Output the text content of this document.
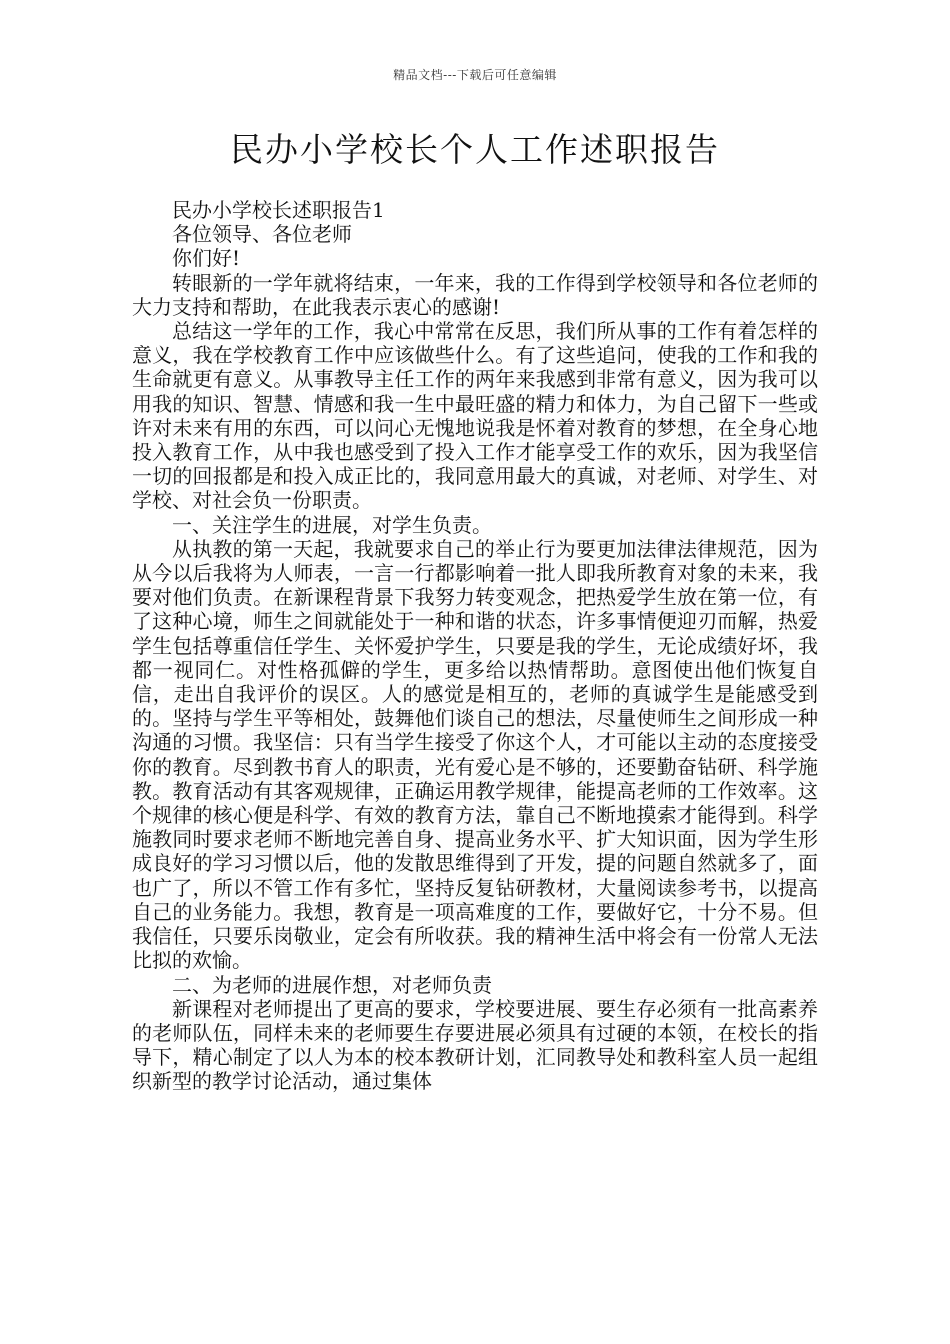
精品文档---下载后可任意编辑
民办小学校长个人工作述职报告

民办小学校长述职报告1

各位领导、各位老师

你们好!

转眼新的一学年就将结束，一年来，我的工作得到学校领导和各位老师的大力支持和帮助，在此我表示衷心的感谢!

总结这一学年的工作，我心中常常在反思，我们所从事的工作有着怎样的意义，我在学校教育工作中应该做些什么。有了这些追问，使我的工作和我的生命就更有意义。从事教导主任工作的两年来我感到非常有意义，因为我可以用我的知识、智慧、情感和我一生中最旺盛的精力和体力，为自己留下一些或许对未来有用的东西，可以问心无愧地说我是怀着对教育的梦想，在全身心地投入教育工作，从中我也感受到了投入工作才能享受工作的欢乐，因为我坚信一切的回报都是和投入成正比的，我同意用最大的真诚，对老师、对学生、对学校、对社会负一份职责。

一、关注学生的进展，对学生负责。

从执教的第一天起，我就要求自己的举止行为要更加法律法律规范，因为从今以后我将为人师表，一言一行都影响着一批人即我所教育对象的未来，我要对他们负责。在新课程背景下我努力转变观念，把热爱学生放在第一位，有了这种心境，师生之间就能处于一种和谐的状态，许多事情便迎刃而解，热爱学生包括尊重信任学生、关怀爱护学生，只要是我的学生，无论成绩好坏，我都一视同仁。对性格孤僻的学生，更多给以热情帮助。意图使出他们恢复自信，走出自我评价的误区。人的感觉是相互的，老师的真诚学生是能感受到的。坚持与学生平等相处，鼓舞他们谈自己的想法，尽量使师生之间形成一种沟通的习惯。我坚信：只有当学生接受了你这个人，才可能以主动的态度接受你的教育。尽到教书育人的职责，光有爱心是不够的，还要勤奋钻研、科学施教。教育活动有其客观规律，正确运用教学规律，能提高老师的工作效率。这个规律的核心便是科学、有效的教育方法，靠自己不断地摸索才能得到。科学施教同时要求老师不断地完善自身、提高业务水平、扩大知识面，因为学生形成良好的学习习惯以后，他的发散思维得到了开发，提的问题自然就多了，面也广了，所以不管工作有多忙，坚持反复钻研教材，大量阅读参考书，以提高自己的业务能力。我想，教育是一项高难度的工作，要做好它，十分不易。但我信任，只要乐岗敬业，定会有所收获。我的精神生活中将会有一份常人无法比拟的欢愉。

二、为老师的进展作想，对老师负责

新课程对老师提出了更高的要求，学校要进展、要生存必须有一批高素养的老师队伍，同样未来的老师要生存要进展必须具有过硬的本领，在校长的指导下，精心制定了以人为本的校本教研计划，汇同教导处和教科室人员一起组织新型的教学讨论活动，通过集体
